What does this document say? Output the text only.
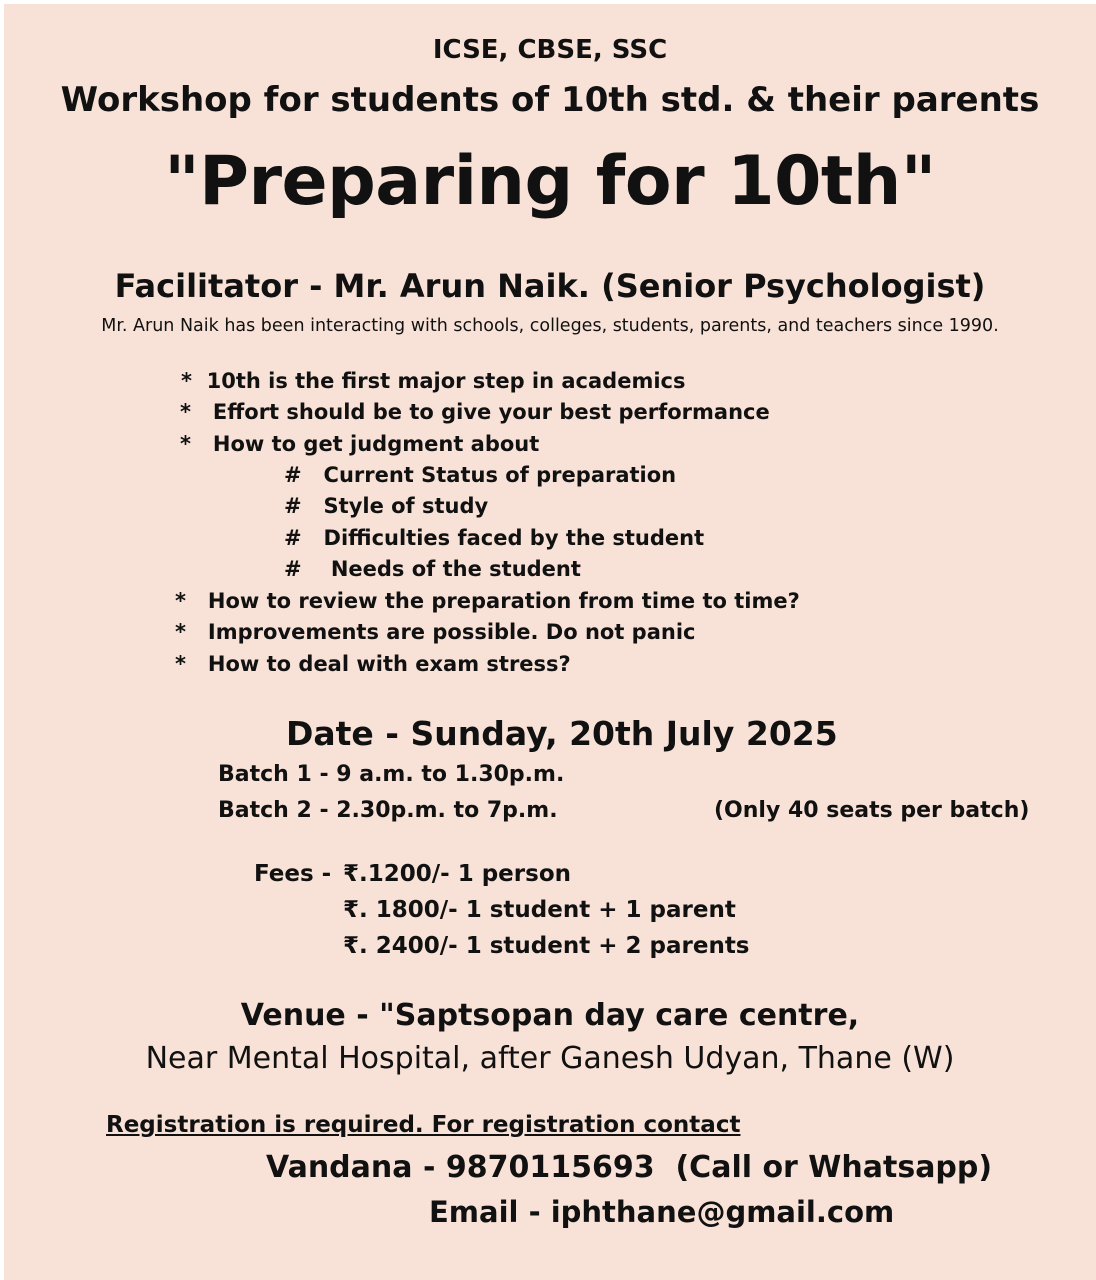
ICSE, CBSE, SSC
Workshop for students of 10th std. & their parents
"Preparing for 10th"
Facilitator - Mr. Arun Naik. (Senior Psychologist)
Mr. Arun Naik has been interacting with schools, colleges, students, parents, and teachers since 1990.
*  10th is the first major step in academics
*   Effort should be to give your best performance
*   How to get judgment about
#   Current Status of preparation
#   Style of study
#   Difficulties faced by the student
#    Needs of the student
*   How to review the preparation from time to time?
*   Improvements are possible. Do not panic
*   How to deal with exam stress?
Date - Sunday, 20th July 2025
Batch 1 - 9 a.m. to 1.30p.m.
Batch 2 - 2.30p.m. to 7p.m.	(Only 40 seats per batch)
Fees - ₹.1200/- 1 person
₹. 1800/- 1 student + 1 parent
₹. 2400/- 1 student + 2 parents
Venue - "Saptsopan day care centre,
Near Mental Hospital, after Ganesh Udyan, Thane (W)
Registration is required. For registration contact
Vandana - 9870115693  (Call or Whatsapp)
Email - iphthane@gmail.com
